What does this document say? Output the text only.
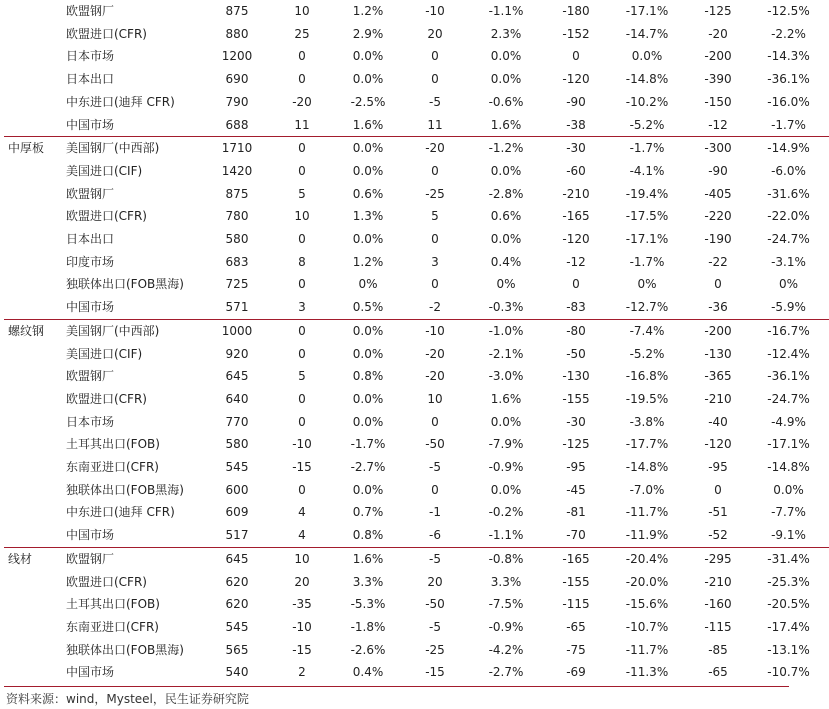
	欧盟钢厂	875	10	1.2%	-10	-1.1%	-180	-17.1%	-125	-12.5%
	欧盟进口(CFR)	880	25	2.9%	20	2.3%	-152	-14.7%	-20	-2.2%
	日本市场	1200	0	0.0%	0	0.0%	0	0.0%	-200	-14.3%
	日本出口	690	0	0.0%	0	0.0%	-120	-14.8%	-390	-36.1%
	中东进口(迪拜 CFR)	790	-20	-2.5%	-5	-0.6%	-90	-10.2%	-150	-16.0%
	中国市场	688	11	1.6%	11	1.6%	-38	-5.2%	-12	-1.7%
中厚板	美国钢厂(中西部)	1710	0	0.0%	-20	-1.2%	-30	-1.7%	-300	-14.9%
	美国进口(CIF)	1420	0	0.0%	0	0.0%	-60	-4.1%	-90	-6.0%
	欧盟钢厂	875	5	0.6%	-25	-2.8%	-210	-19.4%	-405	-31.6%
	欧盟进口(CFR)	780	10	1.3%	5	0.6%	-165	-17.5%	-220	-22.0%
	日本出口	580	0	0.0%	0	0.0%	-120	-17.1%	-190	-24.7%
	印度市场	683	8	1.2%	3	0.4%	-12	-1.7%	-22	-3.1%
	独联体出口(FOB黑海)	725	0	0%	0	0%	0	0%	0	0%
	中国市场	571	3	0.5%	-2	-0.3%	-83	-12.7%	-36	-5.9%
螺纹钢	美国钢厂(中西部)	1000	0	0.0%	-10	-1.0%	-80	-7.4%	-200	-16.7%
	美国进口(CIF)	920	0	0.0%	-20	-2.1%	-50	-5.2%	-130	-12.4%
	欧盟钢厂	645	5	0.8%	-20	-3.0%	-130	-16.8%	-365	-36.1%
	欧盟进口(CFR)	640	0	0.0%	10	1.6%	-155	-19.5%	-210	-24.7%
	日本市场	770	0	0.0%	0	0.0%	-30	-3.8%	-40	-4.9%
	土耳其出口(FOB)	580	-10	-1.7%	-50	-7.9%	-125	-17.7%	-120	-17.1%
	东南亚进口(CFR)	545	-15	-2.7%	-5	-0.9%	-95	-14.8%	-95	-14.8%
	独联体出口(FOB黑海)	600	0	0.0%	0	0.0%	-45	-7.0%	0	0.0%
	中东进口(迪拜 CFR)	609	4	0.7%	-1	-0.2%	-81	-11.7%	-51	-7.7%
	中国市场	517	4	0.8%	-6	-1.1%	-70	-11.9%	-52	-9.1%
线材	欧盟钢厂	645	10	1.6%	-5	-0.8%	-165	-20.4%	-295	-31.4%
	欧盟进口(CFR)	620	20	3.3%	20	3.3%	-155	-20.0%	-210	-25.3%
	土耳其出口(FOB)	620	-35	-5.3%	-50	-7.5%	-115	-15.6%	-160	-20.5%
	东南亚进口(CFR)	545	-10	-1.8%	-5	-0.9%	-65	-10.7%	-115	-17.4%
	独联体出口(FOB黑海)	565	-15	-2.6%	-25	-4.2%	-75	-11.7%	-85	-13.1%
	中国市场	540	2	0.4%	-15	-2.7%	-69	-11.3%	-65	-10.7%
资料来源：wind，Mysteel，民生证券研究院
